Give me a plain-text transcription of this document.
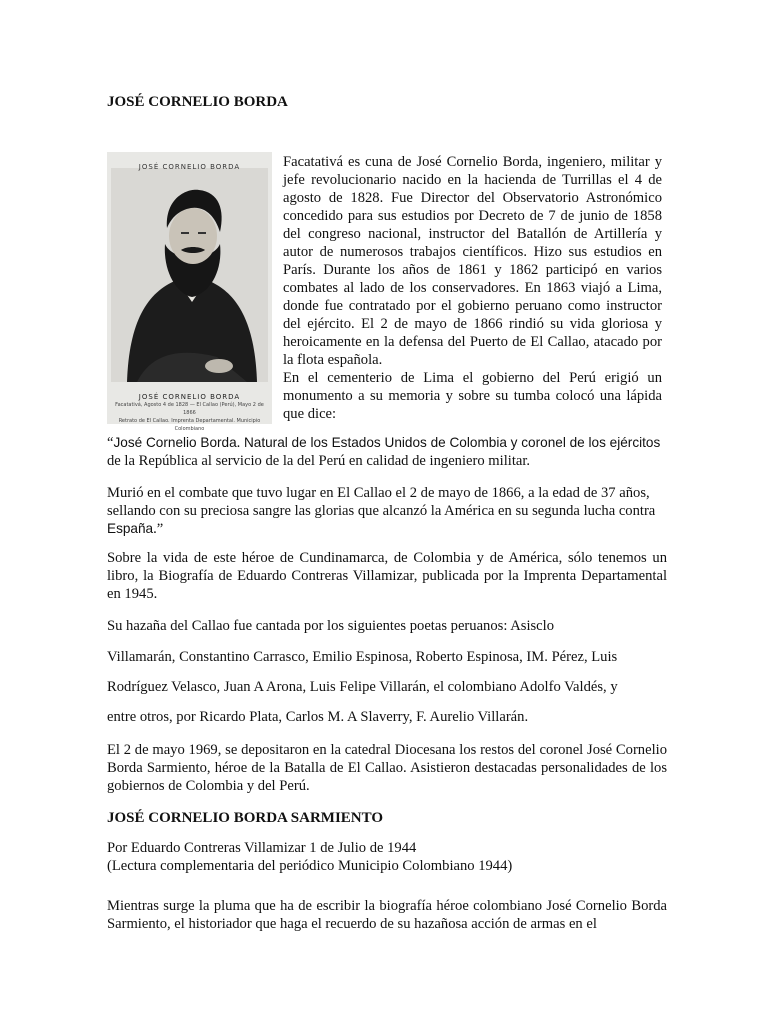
JOSÉ CORNELIO BORDA
JOSÉ CORNELIO BORDA
JOSÉ CORNELIO BORDA
Facatativá, Agosto 4 de 1828 — El Callao (Perú), Mayo 2 de 1866
Retrato de El Callao. Imprenta Departamental. Municipio Colombiano

Facatativá es cuna de José Cornelio Borda, ingeniero, militar y jefe revolucionario nacido en la hacienda de Turrillas el 4 de agosto de 1828. Fue Director del Observatorio Astronómico concedido para sus estudios por Decreto de 7 de junio de 1858 del congreso nacional, instructor del Batallón de Artillería y autor de numerosos trabajos científicos. Hizo sus estudios en París. Durante los años de 1861 y 1862 participó en varios combates al lado de los conservadores. En 1863 viajó a Lima, donde fue contratado por el gobierno peruano como instructor del ejército. El 2 de mayo de 1866 rindió su vida gloriosa y heroicamente en la defensa del Puerto de El Callao, atacado por la flota española.

En el cementerio de Lima el gobierno del Perú erigió un monumento a su memoria y sobre su tumba colocó una lápida que dice:

“José Cornelio Borda. Natural de los Estados Unidos de Colombia y coronel de los ejércitos de la República al servicio de la del Perú en calidad de ingeniero militar.

Murió en el combate que tuvo lugar en El Callao el 2 de mayo de 1866, a la edad de 37 años, sellando con su preciosa sangre las glorias que alcanzó la América en su segunda lucha contra España.”

Sobre la vida de este héroe de Cundinamarca, de Colombia y de América, sólo tenemos un libro, la Biografía de Eduardo Contreras Villamizar, publicada por la Imprenta Departamental en 1945.

Su hazaña del Callao fue cantada por los siguientes poetas peruanos: Asisclo

Villamarán, Constantino Carrasco, Emilio Espinosa, Roberto Espinosa, IM. Pérez, Luis

Rodríguez Velasco, Juan A Arona, Luis Felipe Villarán, el colombiano Adolfo Valdés, y

entre otros, por Ricardo Plata, Carlos M. A Slaverry, F. Aurelio Villarán.

El 2 de mayo 1969, se depositaron en la catedral Diocesana los restos del coronel José Cornelio Borda Sarmiento, héroe de la Batalla de El Callao. Asistieron destacadas personalidades de los gobiernos de Colombia y del Perú.

JOSÉ CORNELIO BORDA SARMIENTO

Por Eduardo Contreras Villamizar 1 de Julio de 1944

(Lectura complementaria del periódico Municipio Colombiano 1944)

Mientras surge la pluma que ha de escribir la biografía héroe colombiano José Cornelio Borda Sarmiento, el historiador que haga el recuerdo de su hazañosa acción de armas en el
